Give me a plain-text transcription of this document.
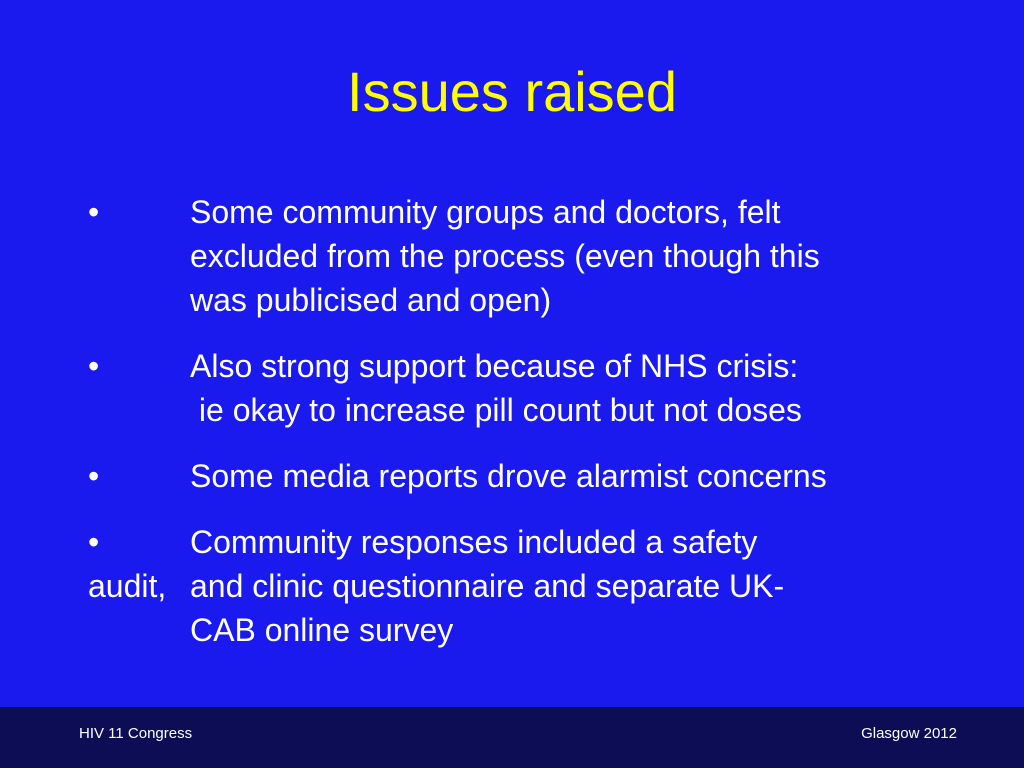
Issues raised
•	Some community groups and doctors, felt
excluded from the process (even though this
was publicised and open)
•	Also strong support because of NHS crisis:
ie okay to increase pill count but not doses
•	Some media reports drove alarmist concerns
•
audit,
Community responses included a safety
and clinic questionnaire and separate UK-
CAB online survey
HIV 11 Congress	Glasgow 2012
